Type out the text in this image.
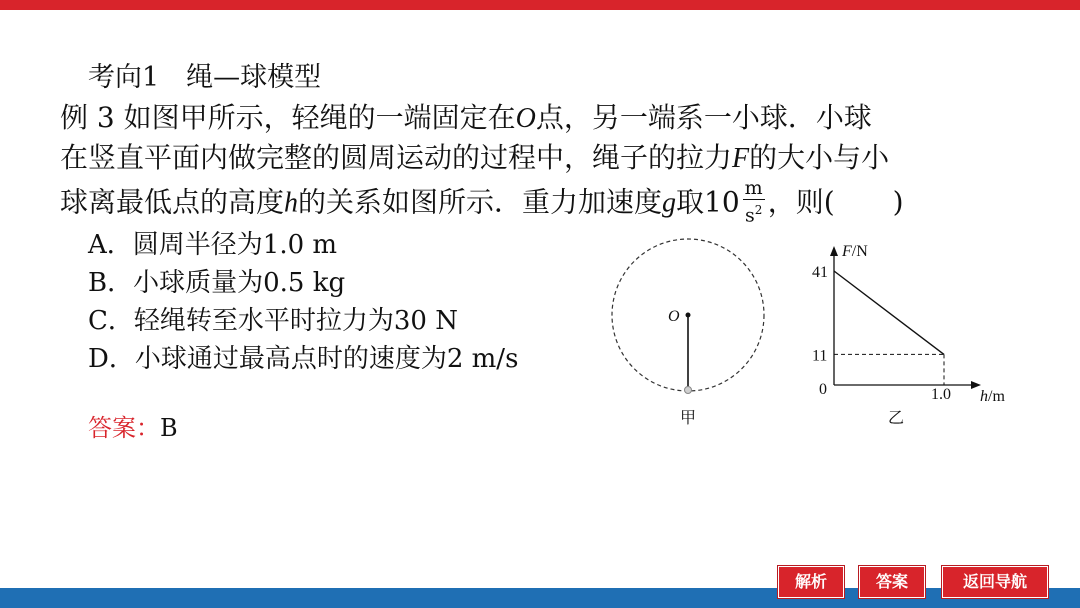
考向1　绳—球模型
例 3 如图甲所示，轻绳的一端固定在O点，另一端系一小球．小球
在竖直平面内做完整的圆周运动的过程中，绳子的拉力F的大小与小
球离最低点的高度h的关系如图所示．重力加速度g取$10 \frac{m}{s^2}$ ，则( )
A．圆周半径为1.0 m
B．小球质量为0.5 kg
C．轻绳转至水平时拉力为30 N
D．小球通过最高点时的速度为2 m/s
答案：B
O
甲
F/N
h/m
0
乙
41
11
1.0
解析	答案	返回导航
